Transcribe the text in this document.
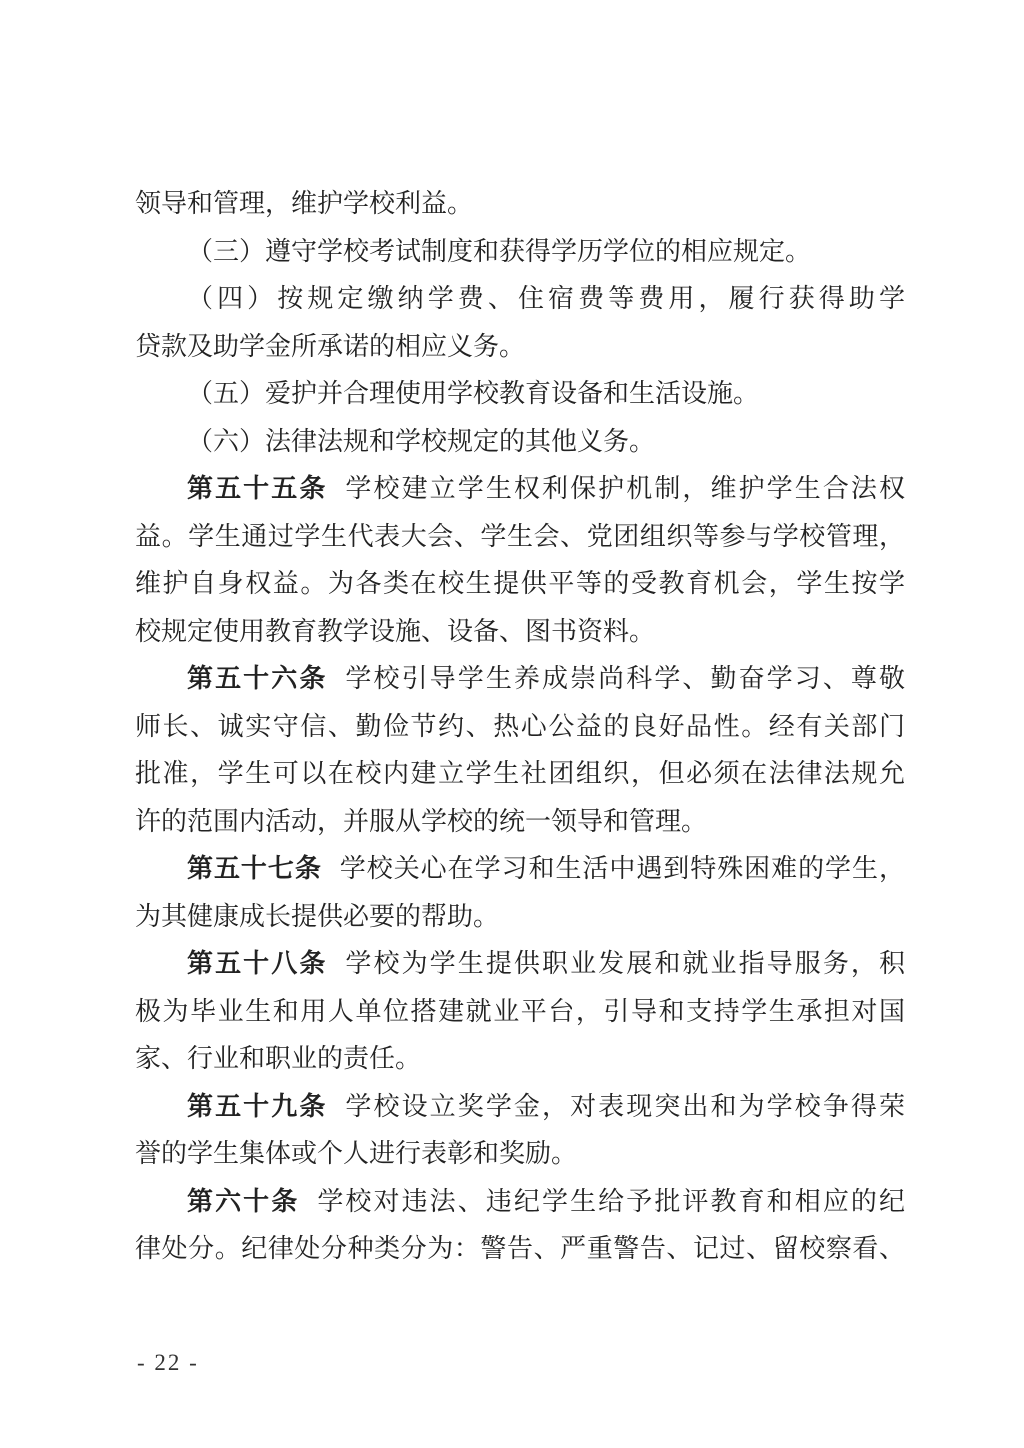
领导和管理，维护学校利益。
（三）遵守学校考试制度和获得学历学位的相应规定。
（四）按规定缴纳学费、住宿费等费用，履行获得助学
贷款及助学金所承诺的相应义务。
（五）爱护并合理使用学校教育设备和生活设施。
（六）法律法规和学校规定的其他义务。
第五十五条 学校建立学生权利保护机制，维护学生合法权
益。学生通过学生代表大会、学生会、党团组织等参与学校管理，
维护自身权益。为各类在校生提供平等的受教育机会，学生按学
校规定使用教育教学设施、设备、图书资料。
第五十六条 学校引导学生养成崇尚科学、勤奋学习、尊敬
师长、诚实守信、勤俭节约、热心公益的良好品性。经有关部门
批准，学生可以在校内建立学生社团组织，但必须在法律法规允
许的范围内活动，并服从学校的统一领导和管理。
第五十七条 学校关心在学习和生活中遇到特殊困难的学生，
为其健康成长提供必要的帮助。
第五十八条 学校为学生提供职业发展和就业指导服务，积
极为毕业生和用人单位搭建就业平台，引导和支持学生承担对国
家、行业和职业的责任。
第五十九条 学校设立奖学金，对表现突出和为学校争得荣
誉的学生集体或个人进行表彰和奖励。
第六十条 学校对违法、违纪学生给予批评教育和相应的纪
律处分。纪律处分种类分为：警告、严重警告、记过、留校察看、
- 22 -
